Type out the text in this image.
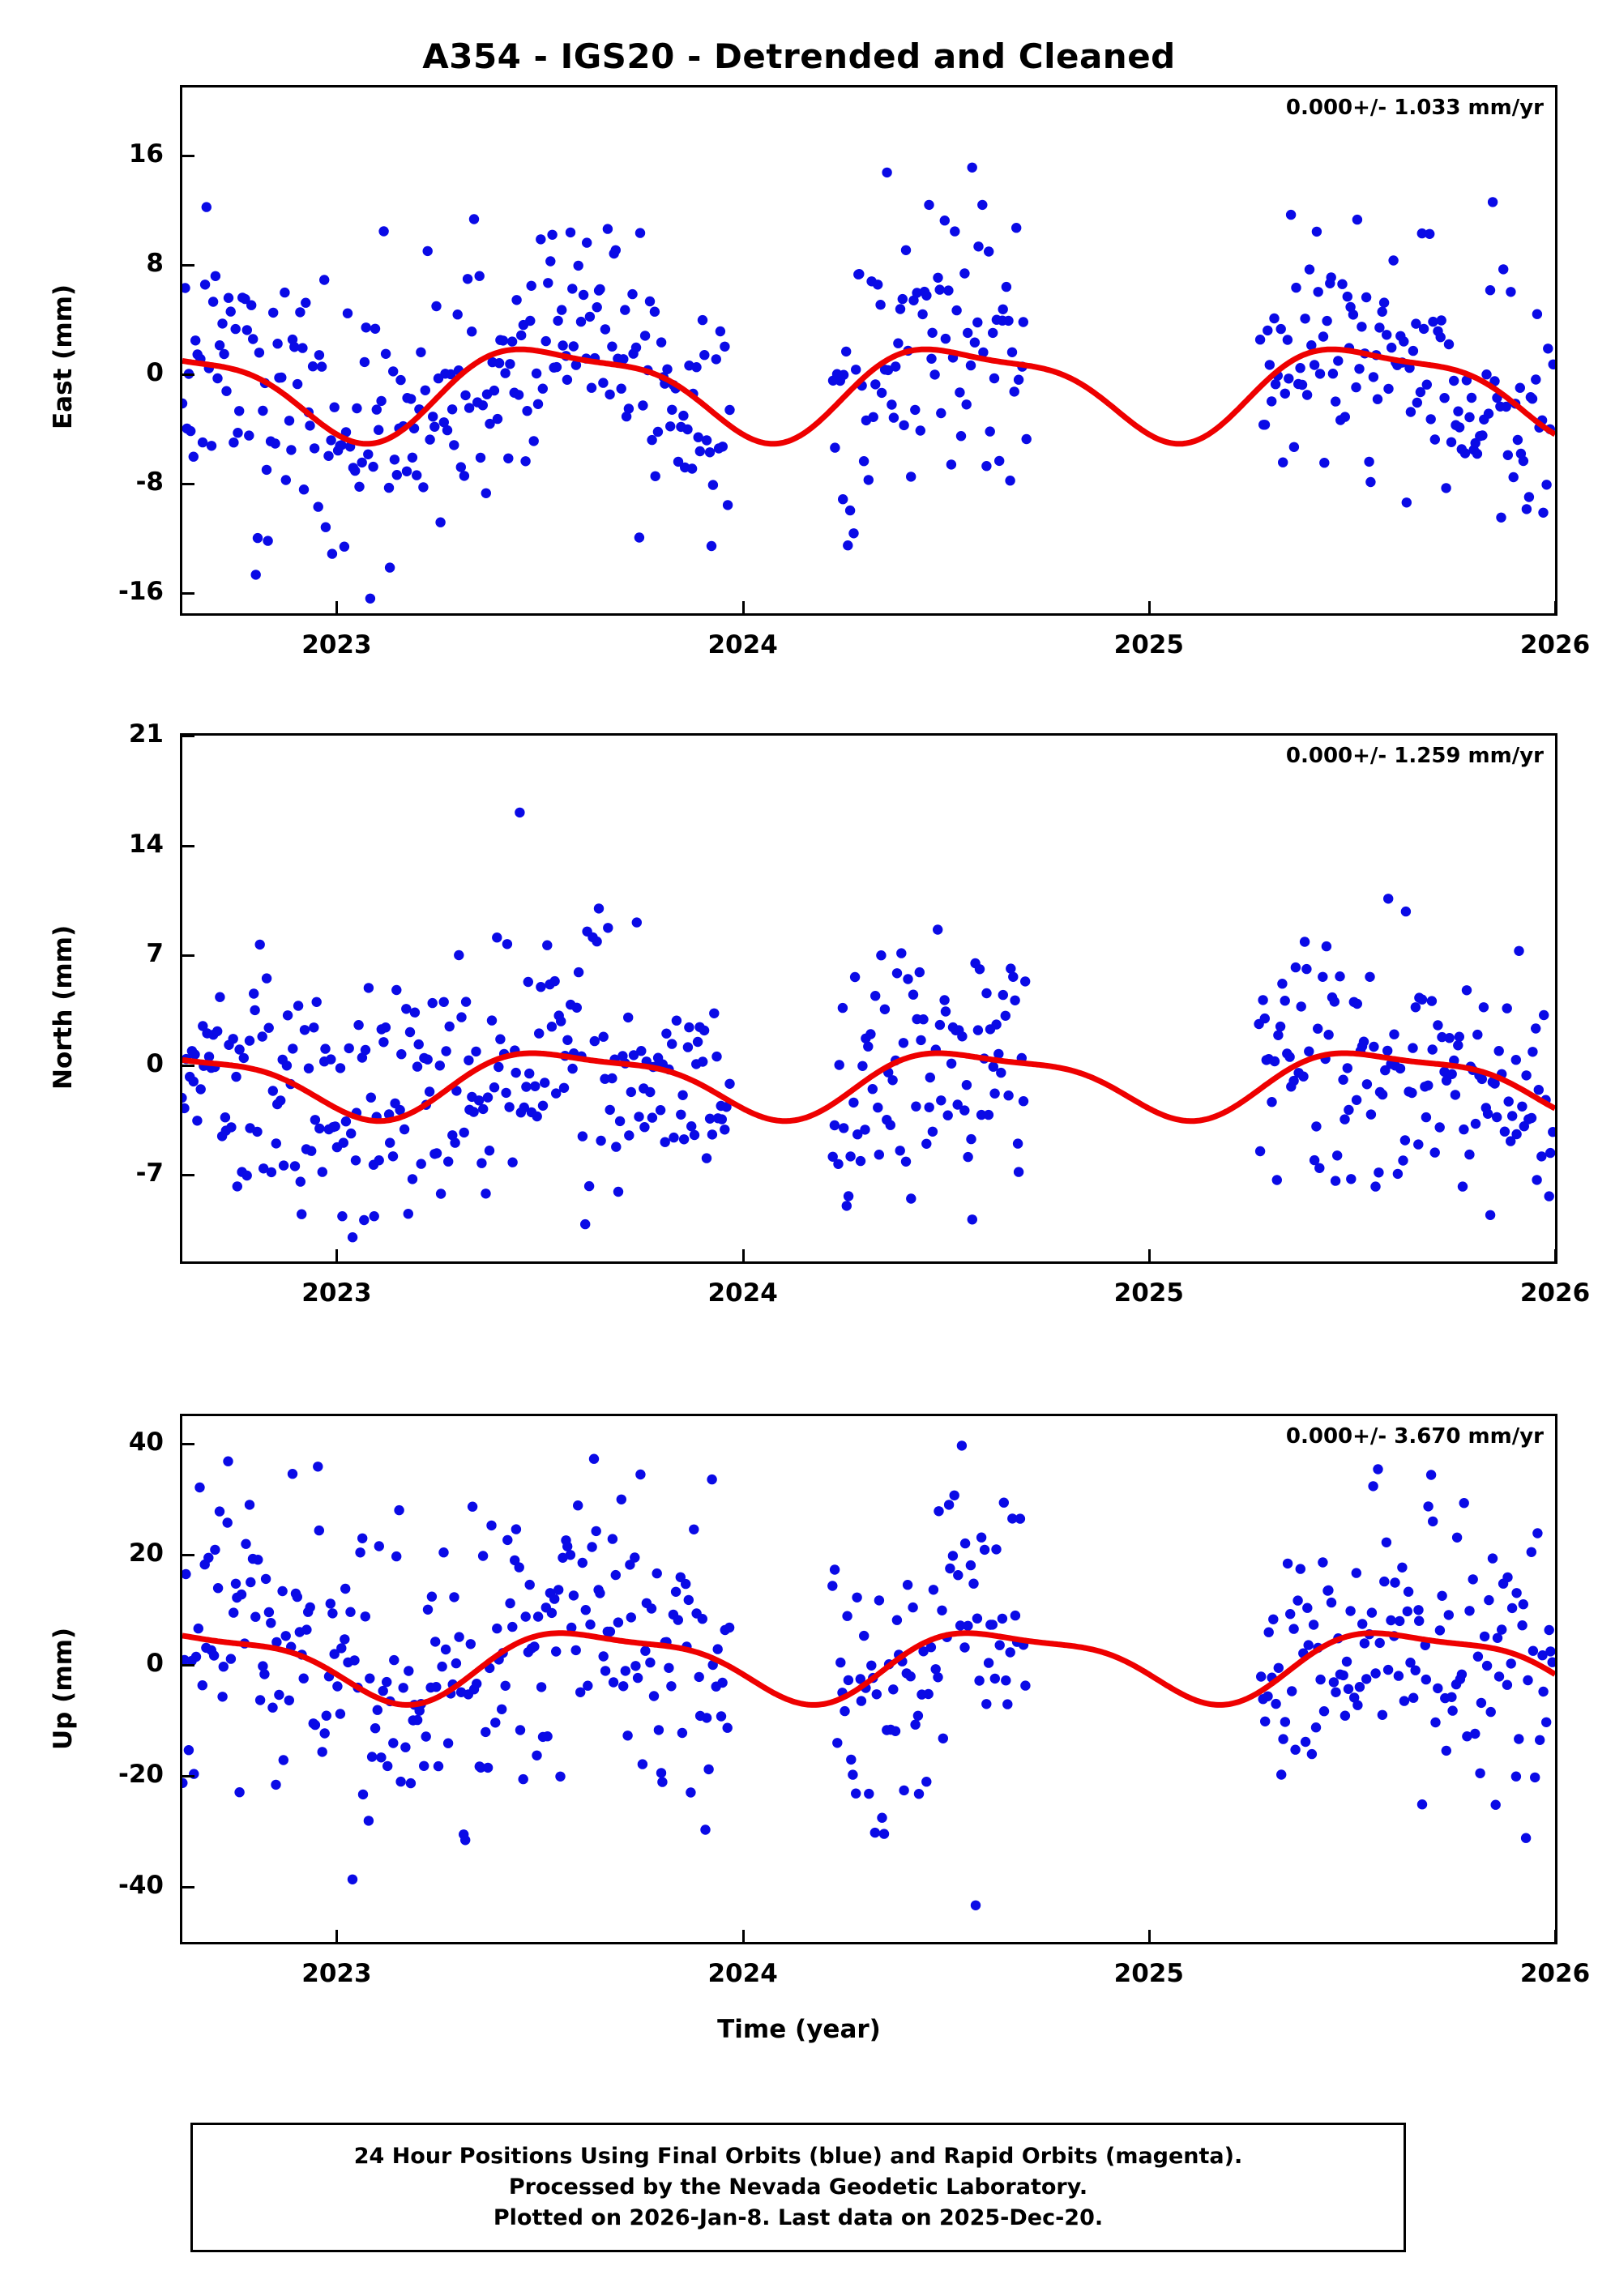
A354 - IGS20 - Detrended and Cleaned
0.000+/- 1.033 mm/yr
East (mm)
-16
-8
0
8
16
2023	2024	2025	2026
0.000+/- 1.259 mm/yr
North (mm)
-7
0
7
14
21
2023	2024	2025	2026
0.000+/- 3.670 mm/yr
Up (mm)
-40
-20
0
20
40
2023	2024	2025	2026
Time (year)
24 Hour Positions Using Final Orbits (blue) and Rapid Orbits (magenta).
Processed by the Nevada Geodetic Laboratory.
Plotted on 2026-Jan-8. Last data on 2025-Dec-20.
